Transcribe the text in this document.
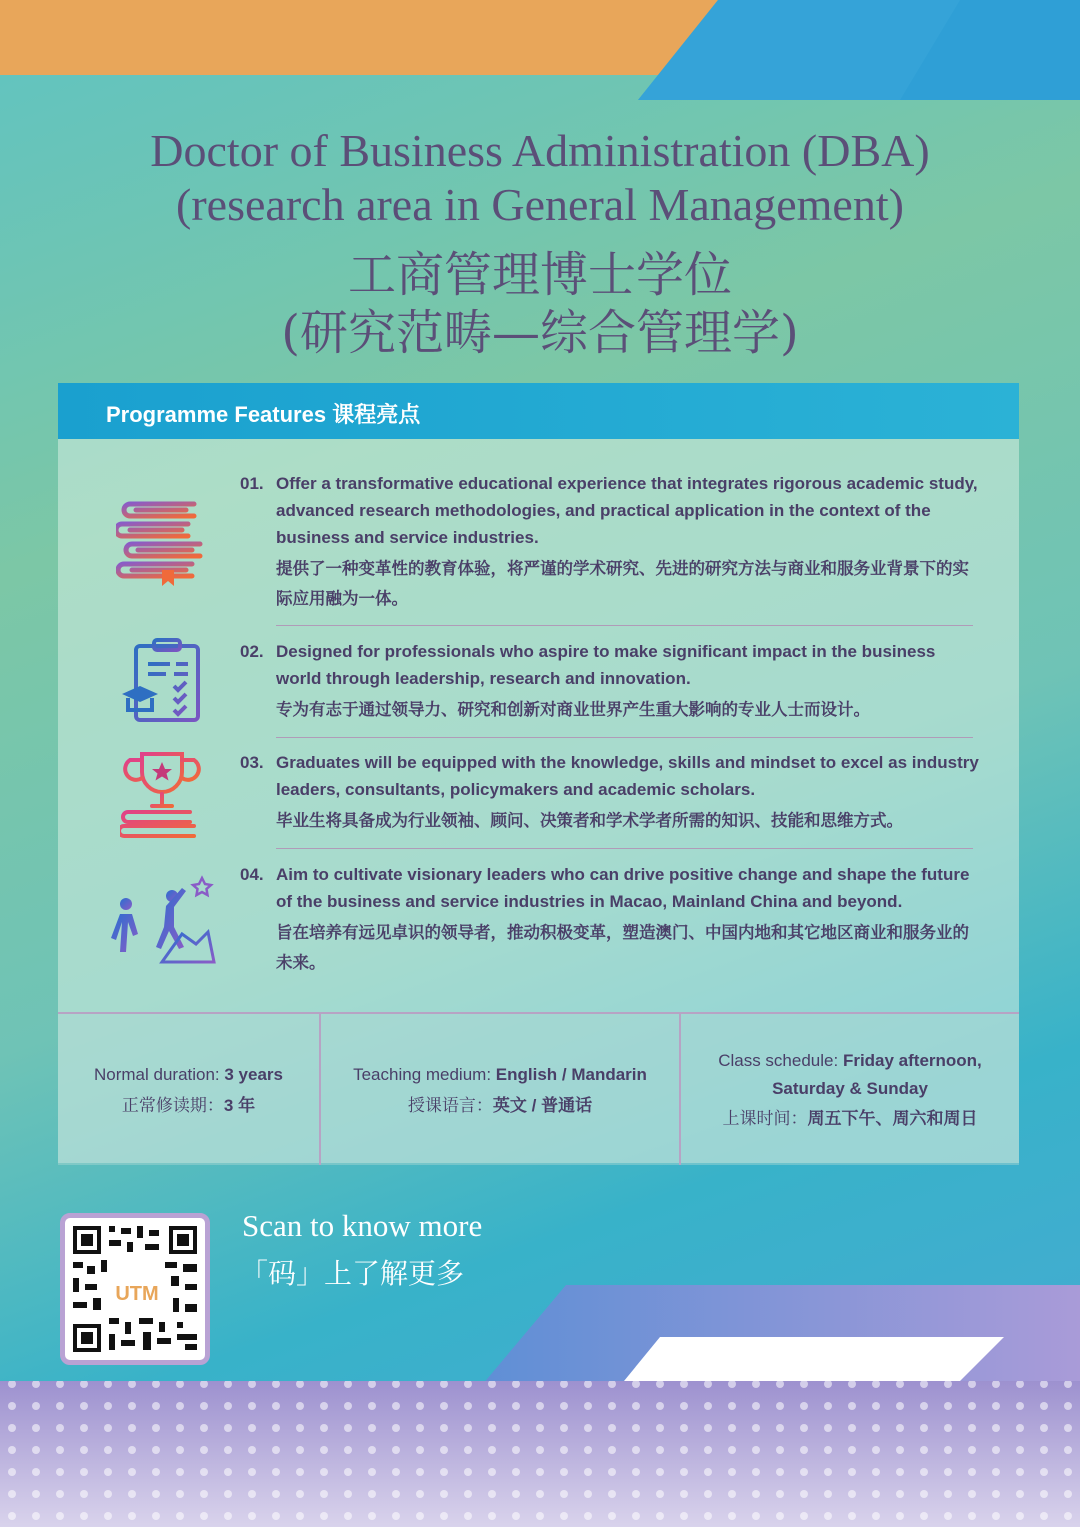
Doctor of Business Administration (DBA)
(research area in General Management)
工商管理博士学位
(研究范畴—综合管理学)
Programme Features 课程亮点
01. Offer a transformative educational experience that integrates rigorous academic study, advanced research methodologies, and practical application in the context of the business and service industries.
提供了一种变革性的教育体验，将严谨的学术研究、先进的研究方法与商业和服务业背景下的实际应用融为一体。
02. Designed for professionals who aspire to make significant impact in the business world through leadership, research and innovation.
专为有志于通过领导力、研究和创新对商业世界产生重大影响的专业人士而设计。
03. Graduates will be equipped with the knowledge, skills and mindset to excel as industry leaders, consultants, policymakers and academic scholars.
毕业生将具备成为行业领袖、顾问、决策者和学术学者所需的知识、技能和思维方式。
04. Aim to cultivate visionary leaders who can drive positive change and shape the future of the business and service industries in Macao, Mainland China and beyond.
旨在培养有远见卓识的领导者，推动积极变革，塑造澳门、中国内地和其它地区商业和服务业的未来。
Normal duration: 3 years
正常修读期：3 年
Teaching medium: English / Mandarin
授课语言：英文 / 普通话
Class schedule: Friday afternoon,
Saturday & Sunday
上课时间：周五下午、周六和周日
UTM
Scan to know more
「码」上了解更多
